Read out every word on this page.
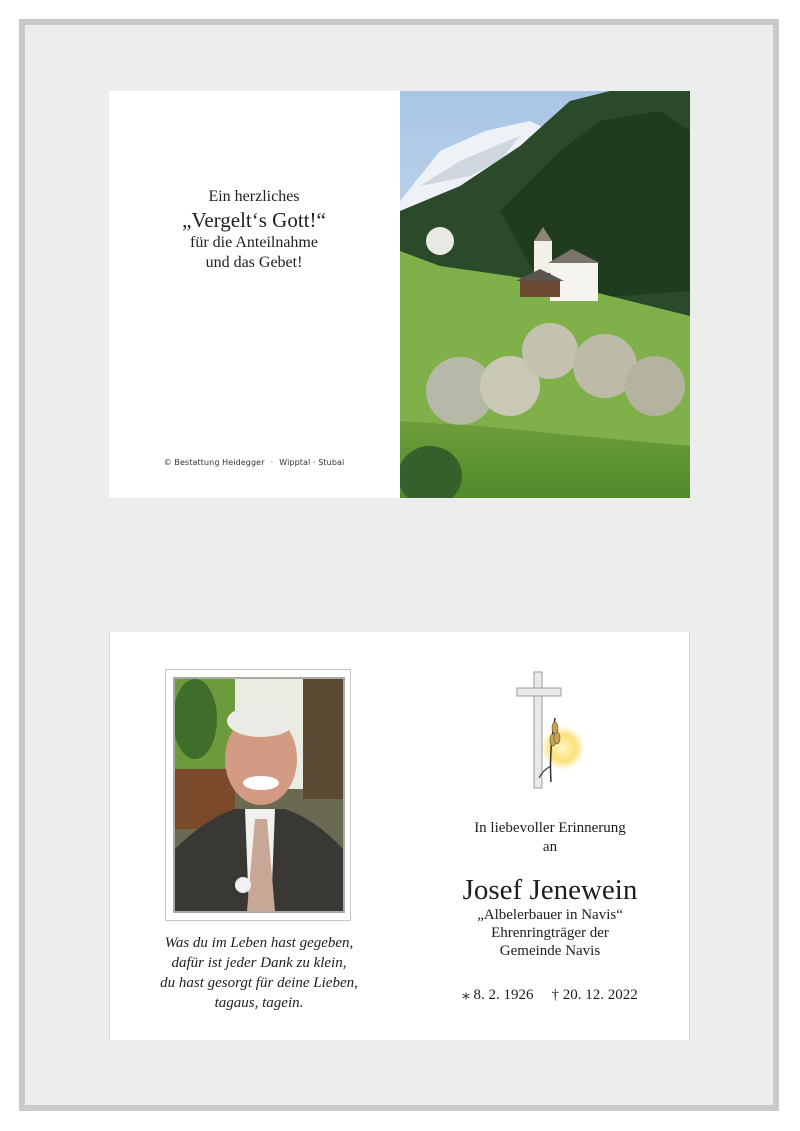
Ein herzliches
„Vergelt‘s Gott!“
für die Anteilnahme
und das Gebet!
© Bestattung Heidegger · Wipptal · Stubai
Was du im Leben hast gegeben,
dafür ist jeder Dank zu klein,
du hast gesorgt für deine Lieben,
tagaus, tagein.
In liebevoller Erinnerung
an
Josef Jenewein
„Albelerbauer in Navis“
Ehrenringträger der
Gemeinde Navis
⁎ 8. 2. 1926 † 20. 12. 2022
